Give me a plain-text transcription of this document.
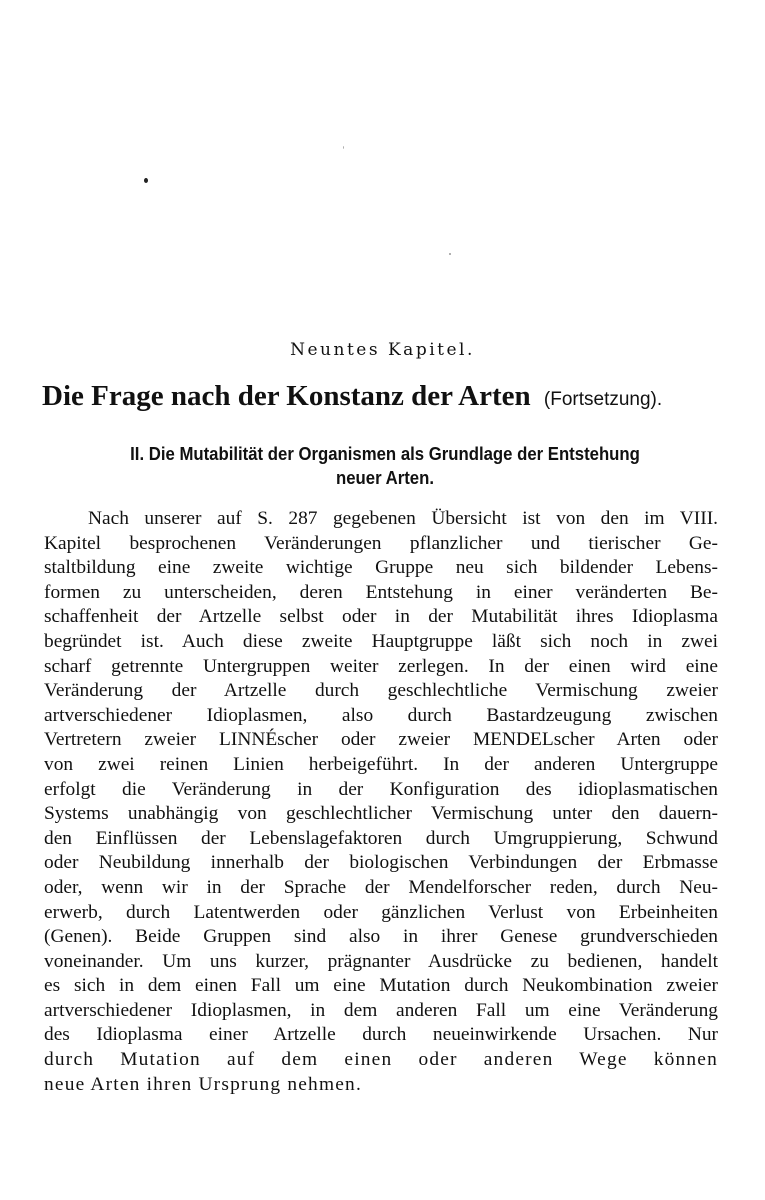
Neuntes Kapitel.
Die Frage nach der Konstanz der Arten (Fortsetzung).
II. Die Mutabilität der Organismen als Grundlage der Entstehung
neuer Arten.
Nach unserer auf S. 287 gegebenen Übersicht ist von den im VIII.
Kapitel besprochenen Veränderungen pflanzlicher und tierischer Ge-
staltbildung eine zweite wichtige Gruppe neu sich bildender Lebens-
formen zu unterscheiden, deren Entstehung in einer veränderten Be-
schaffenheit der Artzelle selbst oder in der Mutabilität ihres Idioplasma
begründet ist. Auch diese zweite Hauptgruppe läßt sich noch in zwei
scharf getrennte Untergruppen weiter zerlegen. In der einen wird eine
Veränderung der Artzelle durch geschlechtliche Vermischung zweier
artverschiedener Idioplasmen, also durch Bastardzeugung zwischen
Vertretern zweier LINNÉscher oder zweier MENDELscher Arten oder
von zwei reinen Linien herbeigeführt. In der anderen Untergruppe
erfolgt die Veränderung in der Konfiguration des idioplasmatischen
Systems unabhängig von geschlechtlicher Vermischung unter den dauern-
den Einflüssen der Lebenslagefaktoren durch Umgruppierung, Schwund
oder Neubildung innerhalb der biologischen Verbindungen der Erbmasse
oder, wenn wir in der Sprache der Mendelforscher reden, durch Neu-
erwerb, durch Latentwerden oder gänzlichen Verlust von Erbeinheiten
(Genen). Beide Gruppen sind also in ihrer Genese grundverschieden
voneinander. Um uns kurzer, prägnanter Ausdrücke zu bedienen, handelt
es sich in dem einen Fall um eine Mutation durch Neukombination zweier
artverschiedener Idioplasmen, in dem anderen Fall um eine Veränderung
des Idioplasma einer Artzelle durch neueinwirkende Ursachen. Nur
durch Mutation auf dem einen oder anderen Wege können
neue Arten ihren Ursprung nehmen.
